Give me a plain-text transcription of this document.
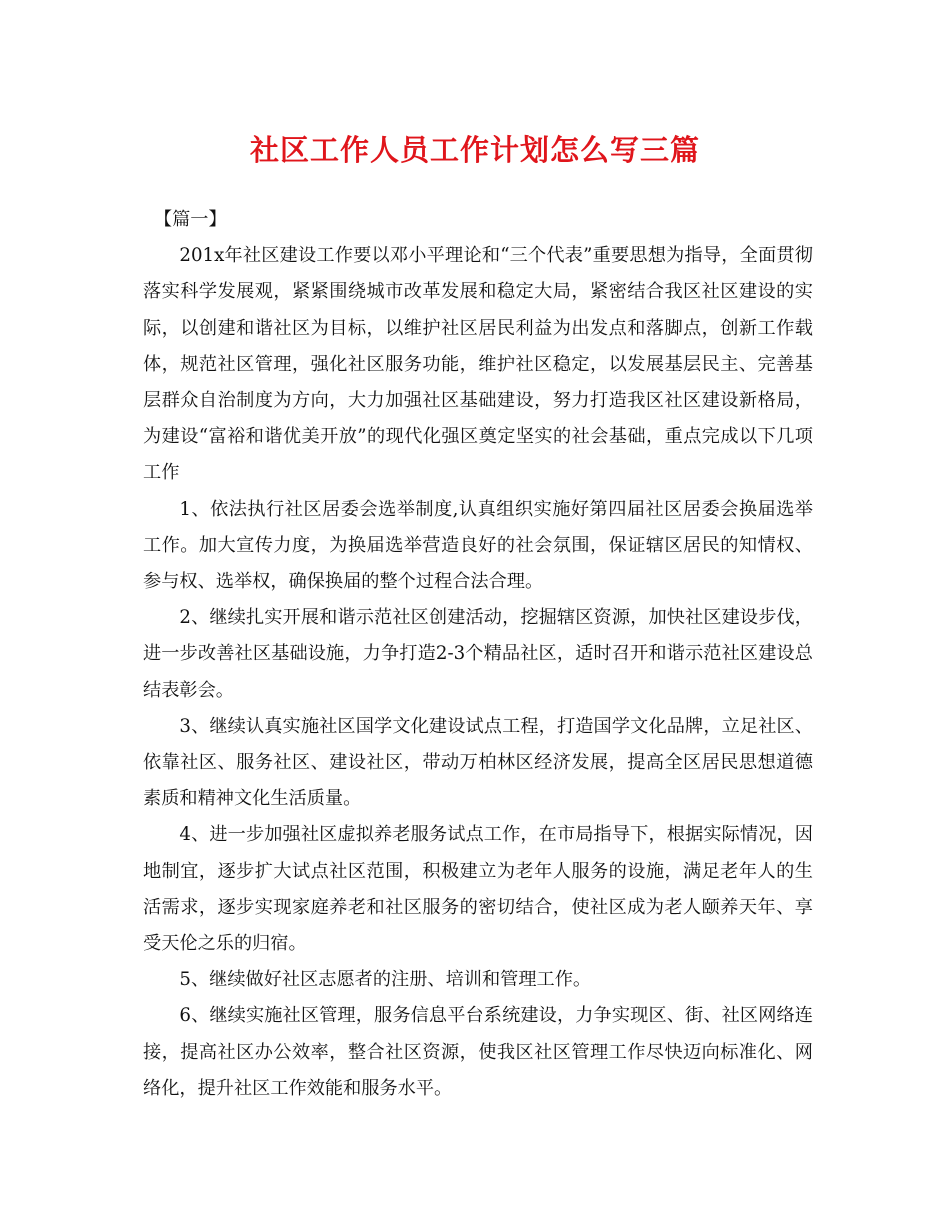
社区工作人员工作计划怎么写三篇

【篇一】

201x年社区建设工作要以邓小平理论和“三个代表”重要思想为指导，全面贯彻落实科学发展观，紧紧围绕城市改革发展和稳定大局，紧密结合我区社区建设的实际，以创建和谐社区为目标，以维护社区居民利益为出发点和落脚点，创新工作载体，规范社区管理，强化社区服务功能，维护社区稳定，以发展基层民主、完善基层群众自治制度为方向，大力加强社区基础建设，努力打造我区社区建设新格局，为建设“富裕和谐优美开放”的现代化强区奠定坚实的社会基础，重点完成以下几项工作

1、依法执行社区居委会选举制度,认真组织实施好第四届社区居委会换届选举工作。加大宣传力度，为换届选举营造良好的社会氛围，保证辖区居民的知情权、参与权、选举权，确保换届的整个过程合法合理。

2、继续扎实开展和谐示范社区创建活动，挖掘辖区资源，加快社区建设步伐，进一步改善社区基础设施，力争打造2-3个精品社区，适时召开和谐示范社区建设总结表彰会。

3、继续认真实施社区国学文化建设试点工程，打造国学文化品牌，立足社区、依靠社区、服务社区、建设社区，带动万柏林区经济发展，提高全区居民思想道德素质和精神文化生活质量。

4、进一步加强社区虚拟养老服务试点工作，在市局指导下，根据实际情况，因地制宜，逐步扩大试点社区范围，积极建立为老年人服务的设施，满足老年人的生活需求，逐步实现家庭养老和社区服务的密切结合，使社区成为老人颐养天年、享受天伦之乐的归宿。

5、继续做好社区志愿者的注册、培训和管理工作。

6、继续实施社区管理，服务信息平台系统建设，力争实现区、街、社区网络连接，提高社区办公效率，整合社区资源，使我区社区管理工作尽快迈向标准化、网络化，提升社区工作效能和服务水平。
